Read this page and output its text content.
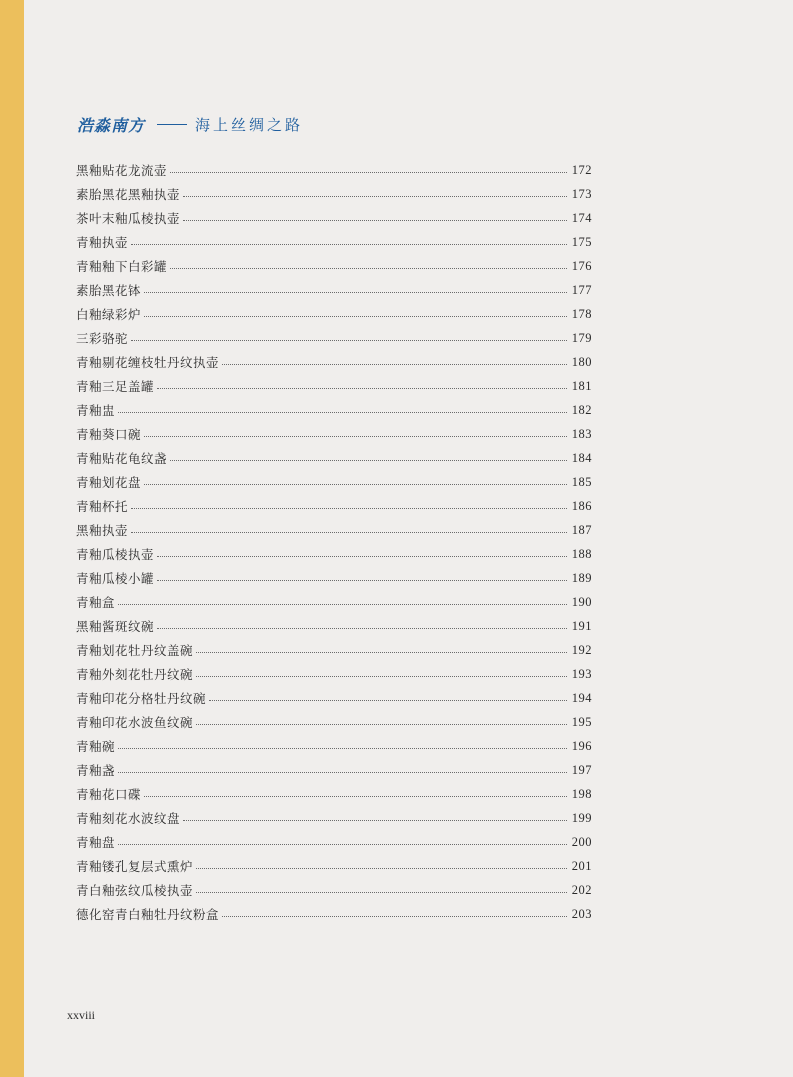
浩淼南方	海上丝绸之路
黑釉贴花龙流壶	172
素胎黑花黑釉执壶	173
茶叶末釉瓜棱执壶	174
青釉执壶	175
青釉釉下白彩罐	176
素胎黑花钵	177
白釉绿彩炉	178
三彩骆驼	179
青釉剔花缠枝牡丹纹执壶	180
青釉三足盖罐	181
青釉盅	182
青釉葵口碗	183
青釉贴花龟纹盏	184
青釉划花盘	185
青釉杯托	186
黑釉执壶	187
青釉瓜棱执壶	188
青釉瓜棱小罐	189
青釉盒	190
黑釉酱斑纹碗	191
青釉划花牡丹纹盖碗	192
青釉外刻花牡丹纹碗	193
青釉印花分格牡丹纹碗	194
青釉印花水波鱼纹碗	195
青釉碗	196
青釉盏	197
青釉花口碟	198
青釉刻花水波纹盘	199
青釉盘	200
青釉镂孔复层式熏炉	201
青白釉弦纹瓜棱执壶	202
德化窑青白釉牡丹纹粉盒	203
xxviii
